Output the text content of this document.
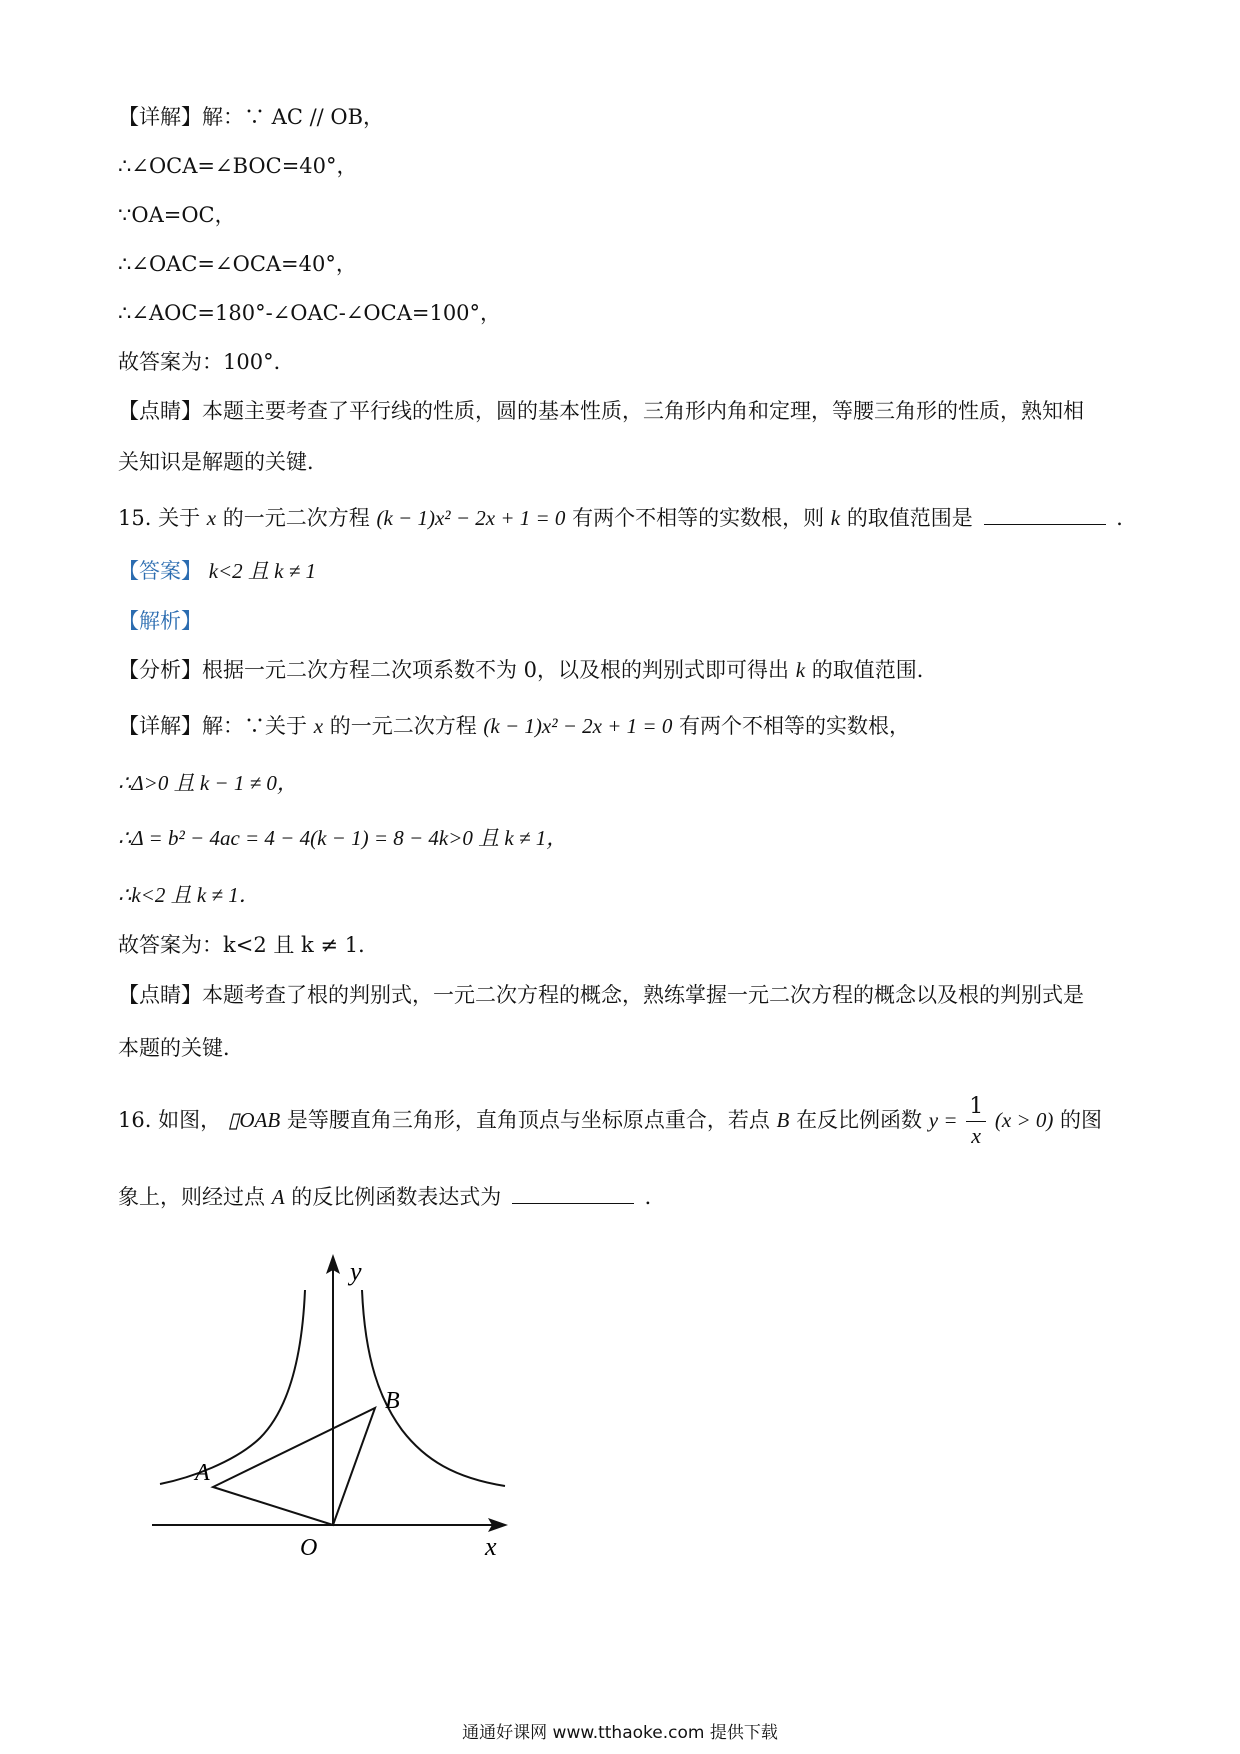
【详解】解：∵ AC // OB，
∴∠OCA=∠BOC=40°，
∵OA=OC，
∴∠OAC=∠OCA=40°，
∴∠AOC=180°-∠OAC-∠OCA=100°，
故答案为：100°．
【点睛】本题主要考查了平行线的性质，圆的基本性质，三角形内角和定理，等腰三角形的性质，熟知相
关知识是解题的关键．
15. 关于 x 的一元二次方程 (k − 1)x² − 2x + 1 = 0 有两个不相等的实数根，则 k 的取值范围是	．
【答案】 k<2 且 k ≠ 1
【解析】
【分析】根据一元二次方程二次项系数不为 0，以及根的判别式即可得出 k 的取值范围．
【详解】解：∵关于 x 的一元二次方程 (k − 1)x² − 2x + 1 = 0 有两个不相等的实数根，
∴Δ>0 且 k − 1 ≠ 0，
∴Δ = b² − 4ac = 4 − 4(k − 1) = 8 − 4k>0 且 k ≠ 1，
∴k<2 且 k ≠ 1．
故答案为：k<2 且 k ≠ 1．
【点睛】本题考查了根的判别式，一元二次方程的概念，熟练掌握一元二次方程的概念以及根的判别式是
本题的关键．
16. 如图， ▯OAB 是等腰直角三角形，直角顶点与坐标原点重合，若点 B 在反比例函数 $y = \frac{1}{x} (x > 0)$ 的图
象上，则经过点 A 的反比例函数表达式为	．
y
x
O
A
B
通通好课网 www.tthaoke.com 提供下载
